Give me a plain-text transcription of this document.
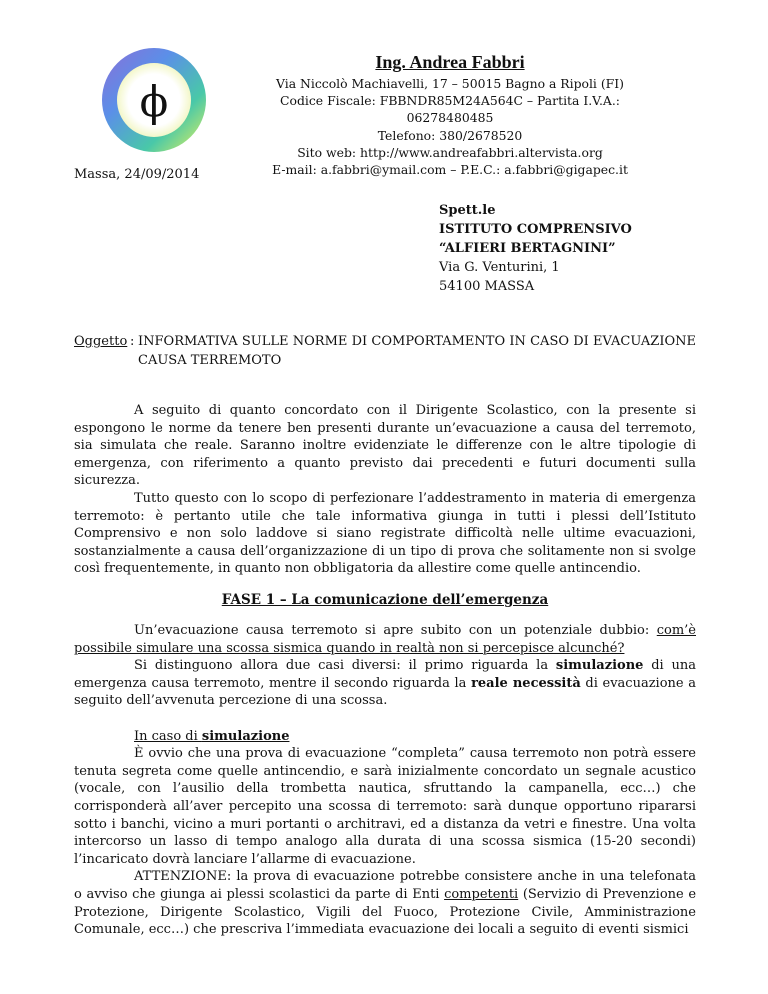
ϕ
Ing. Andrea Fabbri
Via Niccolò Machiavelli, 17 – 50015 Bagno a Ripoli (FI)
Codice Fiscale: FBBNDR85M24A564C – Partita I.V.A.: 06278480485
Telefono: 380/2678520
Sito web: http://www.andreafabbri.altervista.org
E-mail: a.fabbri@ymail.com – P.E.C.: a.fabbri@gigapec.it
Massa, 24/09/2014
Spett.le
ISTITUTO COMPRENSIVO
“ALFIERI BERTAGNINI”
Via G. Venturini, 1
54100 MASSA
Oggetto : INFORMATIVA SULLE NORME DI COMPORTAMENTO IN CASO DI EVACUAZIONE CAUSA TERREMOTO

A seguito di quanto concordato con il Dirigente Scolastico, con la presente si espongono le norme da tenere ben presenti durante un’evacuazione a causa del terremoto, sia simulata che reale. Saranno inoltre evidenziate le differenze con le altre tipologie di emergenza, con riferimento a quanto previsto dai precedenti e futuri documenti sulla sicurezza.

Tutto questo con lo scopo di perfezionare l’addestramento in materia di emergenza terremoto: è pertanto utile che tale informativa giunga in tutti i plessi dell’Istituto Comprensivo e non solo laddove si siano registrate difficoltà nelle ultime evacuazioni, sostanzialmente a causa dell’organizzazione di un tipo di prova che solitamente non si svolge così frequentemente, in quanto non obbligatoria da allestire come quelle antincendio.

FASE 1 – La comunicazione dell’emergenza

Un’evacuazione causa terremoto si apre subito con un potenziale dubbio: com’è possibile simulare una scossa sismica quando in realtà non si percepisce alcunché?

Si distinguono allora due casi diversi: il primo riguarda la simulazione di una emergenza causa terremoto, mentre il secondo riguarda la reale necessità di evacuazione a seguito dell’avvenuta percezione di una scossa.

In caso di simulazione

È ovvio che una prova di evacuazione “completa” causa terremoto non potrà essere tenuta segreta come quelle antincendio, e sarà inizialmente concordato un segnale acustico (vocale, con l’ausilio della trombetta nautica, sfruttando la campanella, ecc…) che corrisponderà all’aver percepito una scossa di terremoto: sarà dunque opportuno ripararsi sotto i banchi, vicino a muri portanti o architravi, ed a distanza da vetri e finestre. Una volta intercorso un lasso di tempo analogo alla durata di una scossa sismica (15-20 secondi) l’incaricato dovrà lanciare l’allarme di evacuazione.

ATTENZIONE: la prova di evacuazione potrebbe consistere anche in una telefonata o avviso che giunga ai plessi scolastici da parte di Enti competenti (Servizio di Prevenzione e Protezione, Dirigente Scolastico, Vigili del Fuoco, Protezione Civile, Amministrazione Comunale, ecc…) che prescriva l’immediata evacuazione dei locali a seguito di eventi sismici
